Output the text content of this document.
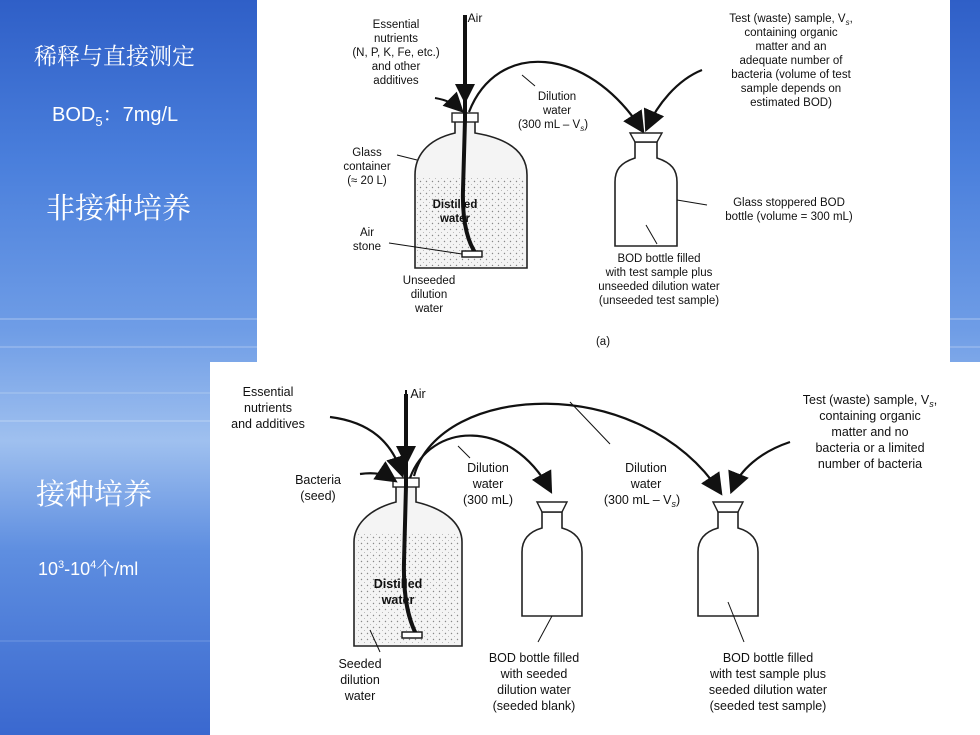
稀释与直接测定
$BOD_5$：7mg/L
非接种培养
接种培养
$10^3-10^4$个/ml
Essential
nutrients
(N, P, K, Fe, etc.)
and other
additives
Air
Dilution
water
(300 mL – $V_s$)
Test (waste) sample, $V_s$,
containing organic
matter and an
adequate number of
bacteria (volume of test
sample depends on
estimated BOD)
Glass
container
(≈ 20 L)
Distilled
water
Air
stone
Unseeded
dilution
water
Glass stoppered BOD
bottle (volume = 300 mL)
BOD bottle filled
with test sample plus
unseeded dilution water
(unseeded test sample)
(a)
Essential
nutrients
and additives
Air
Bacteria
(seed)
Dilution
water
(300 mL)
Dilution
water
(300 mL – $V_s$)
Test (waste) sample, $V_s$,
containing organic
matter and no
bacteria or a limited
number of bacteria
Distilled
water
Seeded
dilution
water
BOD bottle filled
with seeded
dilution water
(seeded blank)
BOD bottle filled
with test sample plus
seeded dilution water
(seeded test sample)
